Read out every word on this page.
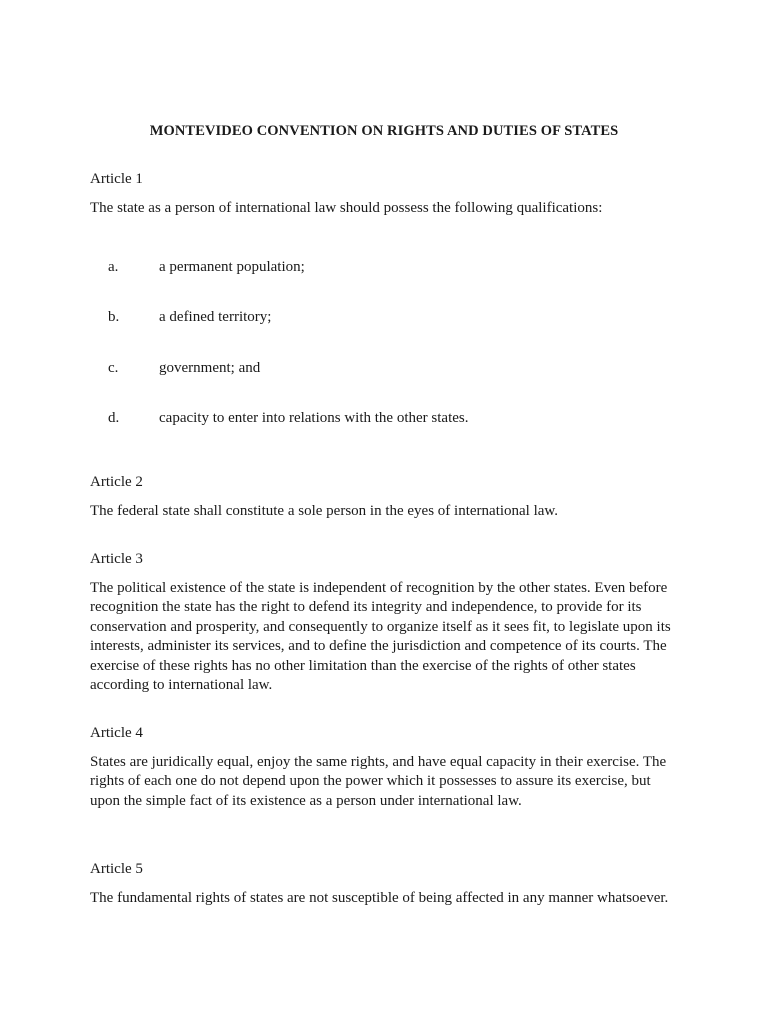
MONTEVIDEO CONVENTION ON RIGHTS AND DUTIES OF STATES
Article 1
The state as a person of international law should possess the following qualifications:
a.	a permanent population;
b.	a defined territory;
c.	government; and
d.	capacity to enter into relations with the other states.
Article 2
The federal state shall constitute a sole person in the eyes of international law.
Article 3
The political existence of the state is independent of recognition by the other states. Even before recognition the state has the right to defend its integrity and independence, to provide for its conservation and prosperity, and consequently to organize itself as it sees fit, to legislate upon its interests, administer its services, and to define the jurisdiction and competence of its courts. The exercise of these rights has no other limitation than the exercise of the rights of other states according to international law.
Article 4
States are juridically equal, enjoy the same rights, and have equal capacity in their exercise. The rights of each one do not depend upon the power which it possesses to assure its exercise, but upon the simple fact of its existence as a person under international law.
Article 5
The fundamental rights of states are not susceptible of being affected in any manner whatsoever.
